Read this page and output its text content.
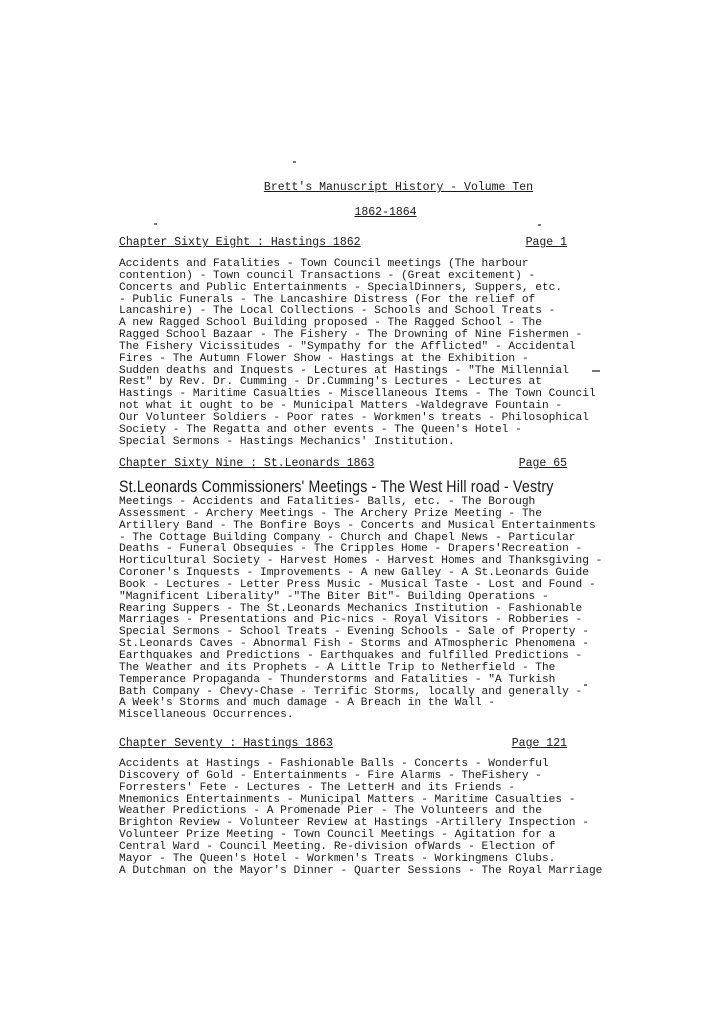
Brett's Manuscript History - Volume Ten
1862-1864
Chapter Sixty Eight : Hastings 1862	Page 1
Accidents and Fatalities - Town Council meetings (The harbour
contention) - Town council Transactions - (Great excitement) -
Concerts and Public Entertainments - SpecialDinners, Suppers, etc.
- Public Funerals - The Lancashire Distress (For the relief of
Lancashire) - The Local Collections - Schools and School Treats -
A new Ragged School Building proposed - The Ragged School - The
Ragged School Bazaar - The Fishery - The Drowning of Nine Fishermen -
The Fishery Vicissitudes - "Sympathy for the Afflicted" - Accidental
Fires - The Autumn Flower Show - Hastings at the Exhibition -
Sudden deaths and Inquests - Lectures at Hastings - "The Millennial
Rest" by Rev. Dr. Cumming - Dr.Cumming's Lectures - Lectures at
Hastings - Maritime Casualties - Miscellaneous Items - The Town Council
not what it ought to be - Municipal Matters -Waldegrave Fountain -
Our Volunteer Soldiers - Poor rates - Workmen's treats - Philosophical
Society - The Regatta and other events - The Queen's Hotel -
Special Sermons - Hastings Mechanics' Institution.
Chapter Sixty Nine : St.Leonards 1863	Page 65
St.Leonards Commissioners' Meetings - The West Hill road - Vestry
Meetings - Accidents and Fatalities- Balls, etc. - The Borough
Assessment - Archery Meetings - The Archery Prize Meeting - The
Artillery Band - The Bonfire Boys - Concerts and Musical Entertainments
- The Cottage Building Company - Church and Chapel News - Particular
Deaths - Funeral Obsequies - The Cripples Home - Drapers'Recreation -
Horticultural Society - Harvest Homes - Harvest Homes and Thanksgiving -
Coroner's Inquests - Improvements - A new Galley - A St.Leonards Guide
Book - Lectures - Letter Press Music - Musical Taste - Lost and Found -
"Magnificent Liberality" -"The Biter Bit"- Building Operations -
Rearing Suppers - The St.Leonards Mechanics Institution - Fashionable
Marriages - Presentations and Pic-nics - Royal Visitors - Robberies -
Special Sermons - School Treats - Evening Schools - Sale of Property -
St.Leonards Caves - Abnormal Fish - Storms and ATmospheric Phenomena -
Earthquakes and Predictions - Earthquakes and fulfilled Predictions -
The Weather and its Prophets - A Little Trip to Netherfield - The
Temperance Propaganda - Thunderstorms and Fatalities - "A Turkish
Bath Company - Chevy-Chase - Terrific Storms, locally and generally -
A Week's Storms and much damage - A Breach in the Wall -
Miscellaneous Occurrences.
Chapter Seventy : Hastings 1863	Page 121
Accidents at Hastings - Fashionable Balls - Concerts - Wonderful
Discovery of Gold - Entertainments - Fire Alarms - TheFishery -
Forresters' Fete - Lectures - The LetterH and its Friends -
Mnemonics Entertainments - Municipal Matters - Maritime Casualties -
Weather Predictions - A Promenade Pier - The Volunteers and the
Brighton Review - Volunteer Review at Hastings -Artillery Inspection -
Volunteer Prize Meeting - Town Council Meetings - Agitation for a
Central Ward - Council Meeting. Re-division ofWards - Election of
Mayor - The Queen's Hotel - Workmen's Treats - Workingmens Clubs.
A Dutchman on the Mayor's Dinner - Quarter Sessions - The Royal Marriage
